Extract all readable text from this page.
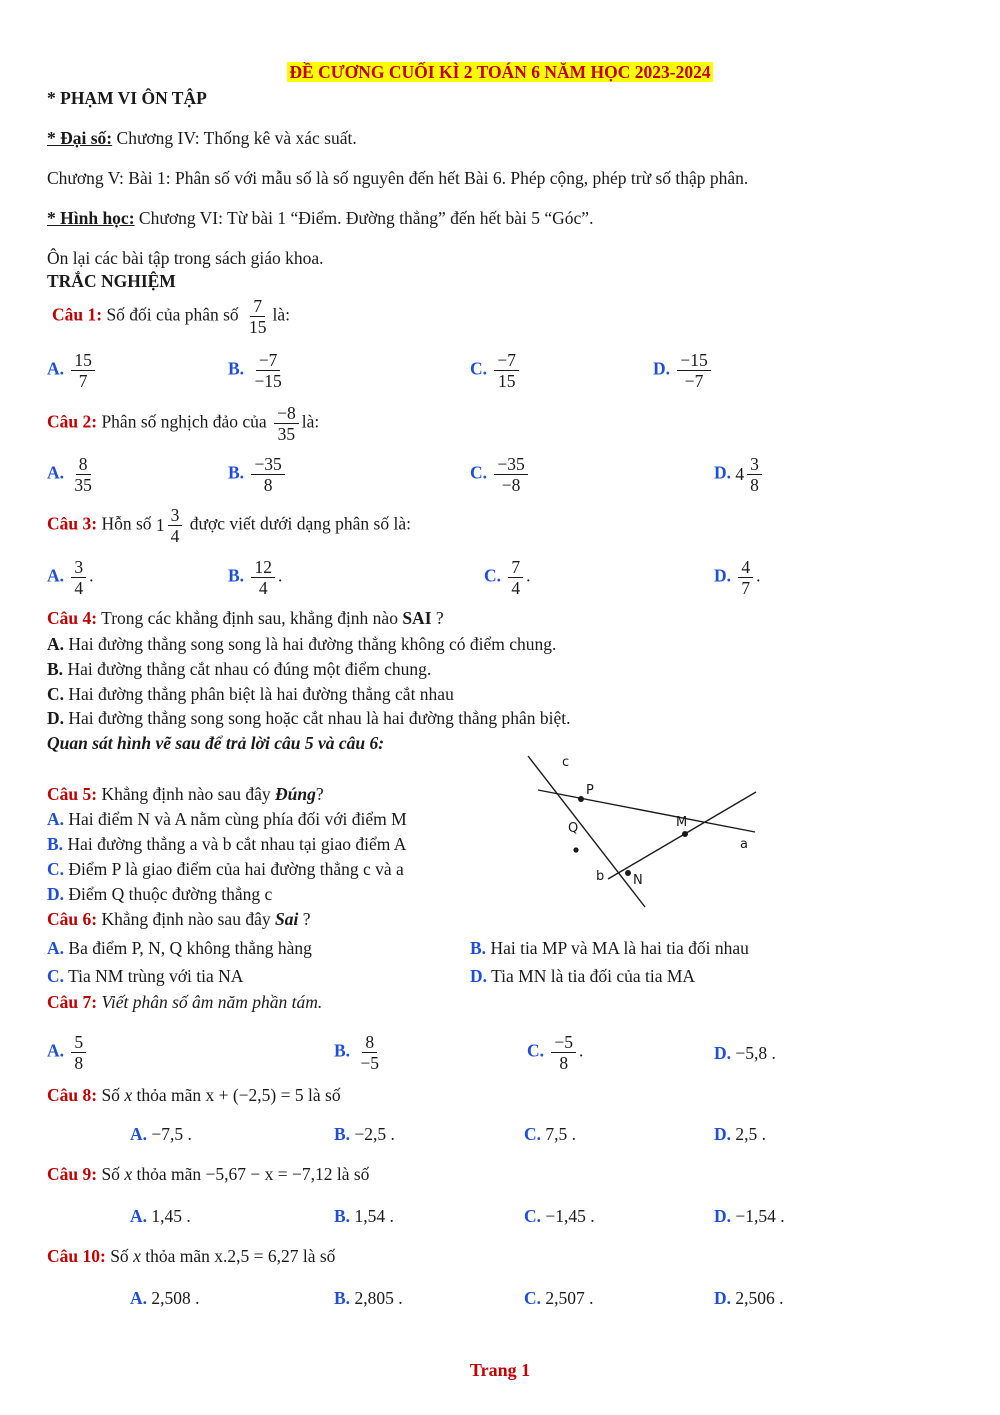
ĐỀ CƯƠNG CUỐI KÌ 2 TOÁN 6 NĂM HỌC 2023-2024
* PHẠM VI ÔN TẬP
* Đại số: Chương IV: Thống kê và xác suất.
Chương V: Bài 1: Phân số với mẫu số là số nguyên đến hết Bài 6. Phép cộng, phép trừ số thập phân.
* Hình học: Chương VI: Từ bài 1 “Điểm. Đường thẳng” đến hết bài 5 “Góc”.
Ôn lại các bài tập trong sách giáo khoa.
TRẮC NGHIỆM
Câu 1: Số đối của phân số $\frac{7}{15}$ là:
A. $\frac{15}{7}$	B. $\frac{-7}{-15}$	C. $\frac{-7}{15}$	D. $\frac{-15}{-7}$
Câu 2: Phân số nghịch đảo của $\frac{-8}{35}$ là:
A. $\frac{8}{35}$	B. $\frac{-35}{8}$	C. $\frac{-35}{-8}$	D. $4 \frac{3}{8}$
Câu 3: Hỗn số $1 \frac{3}{4}$ được viết dưới dạng phân số là:
A. $\frac{3}{4}$ .	B. $\frac{12}{4}$ .	C. $\frac{7}{4}$ .	D. $\frac{4}{7}$ .
Câu 4: Trong các khẳng định sau, khẳng định nào SAI ?
A. Hai đường thẳng song song là hai đường thẳng không có điểm chung.
B. Hai đường thẳng cắt nhau có đúng một điểm chung.
C. Hai đường thẳng phân biệt là hai đường thẳng cắt nhau
D. Hai đường thẳng song song hoặc cắt nhau là hai đường thẳng phân biệt.
Quan sát hình vẽ sau để trả lời câu 5 và câu 6:
Câu 5: Khẳng định nào sau đây Đúng?
A. Hai điểm N và A nằm cùng phía đối với điểm M
B. Hai đường thẳng a và b cắt nhau tại giao điểm A
C. Điểm P là giao điểm của hai đường thẳng c và a
D. Điểm Q thuộc đường thẳng c
c
P
Q	M
a
b N
Câu 6: Khẳng định nào sau đây Sai ?
A. Ba điểm P, N, Q không thẳng hàng	B. Hai tia MP và MA là hai tia đối nhau
C. Tia NM trùng với tia NA	D. Tia MN là tia đối của tia MA
Câu 7: Viết phân số âm năm phần tám.
A. $\frac{5}{8}$	B. $\frac{8}{-5}$	C. $\frac{-5}{8}$ .	D. −5,8 .
Câu 8: Số x thỏa mãn x + (−2,5) = 5 là số
A. −7,5 .	B. −2,5 .	C. 7,5 .	D. 2,5 .
Câu 9: Số x thỏa mãn −5,67 − x = −7,12 là số
A. 1,45 .	B. 1,54 .	C. −1,45 .	D. −1,54 .
Câu 10: Số x thỏa mãn x.2,5 = 6,27 là số
A. 2,508 .	B. 2,805 .	C. 2,507 .	D. 2,506 .
Trang 1
